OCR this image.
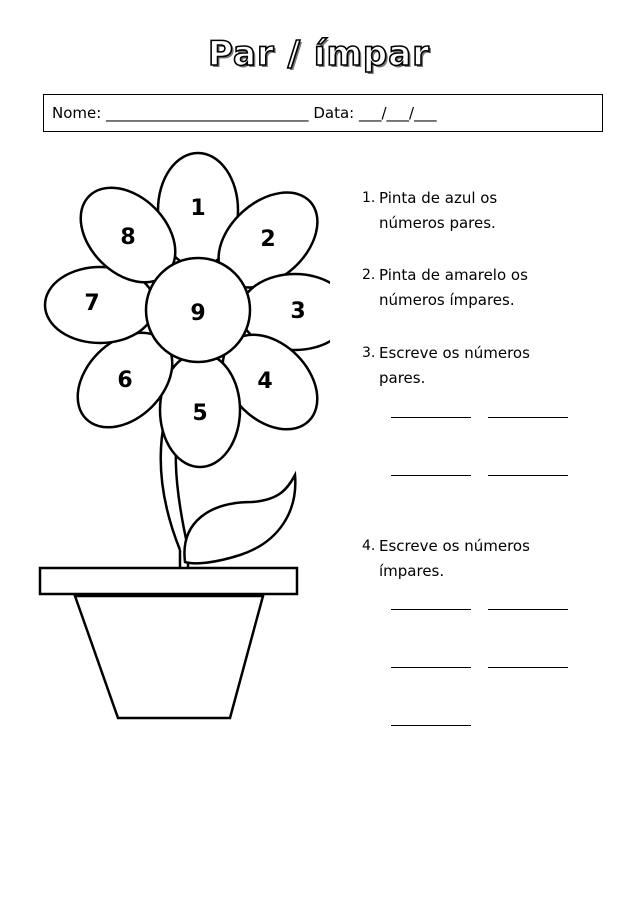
Par / ímpar
Nome: ___________________________ Data: ___/___/___
1
2
3
4
5
6
7
8
9
1. Pinta de azul os números pares.
2. Pinta de amarelo os números ímpares.
3. Escreve os números pares.
4. Escreve os números ímpares.
